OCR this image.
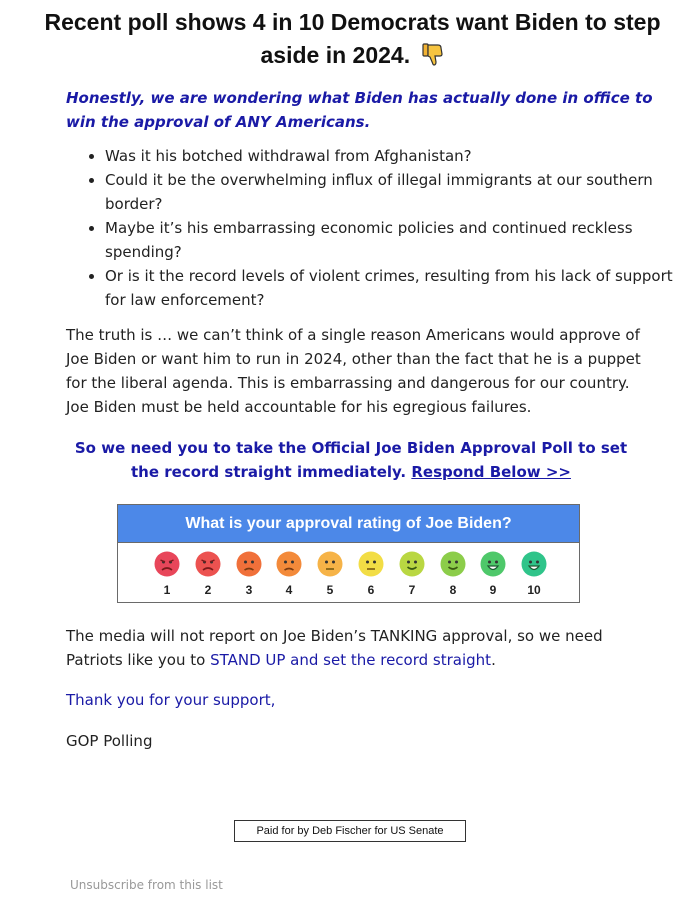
Recent poll shows 4 in 10 Democrats want Biden to step aside in 2024.
Honestly, we are wondering what Biden has actually done in office to win the approval of ANY Americans.
• Was it his botched withdrawal from Afghanistan?
• Could it be the overwhelming influx of illegal immigrants at our southern border?
• Maybe it’s his embarrassing economic policies and continued reckless spending?
• Or is it the record levels of violent crimes, resulting from his lack of support for law enforcement?
The truth is … we can’t think of a single reason Americans would approve of Joe Biden or want him to run in 2024, other than the fact that he is a puppet for the liberal agenda. This is embarrassing and dangerous for our country. Joe Biden must be held accountable for his egregious failures.
So we need you to take the Official Joe Biden Approval Poll to set the record straight immediately. Respond Below >>
What is your approval rating of Joe Biden?
1	2	3	4	5	6	7	8	9	10
The media will not report on Joe Biden’s TANKING approval, so we need Patriots like you to STAND UP and set the record straight.
Thank you for your support,
GOP Polling
Paid for by Deb Fischer for US Senate
Unsubscribe from this list
